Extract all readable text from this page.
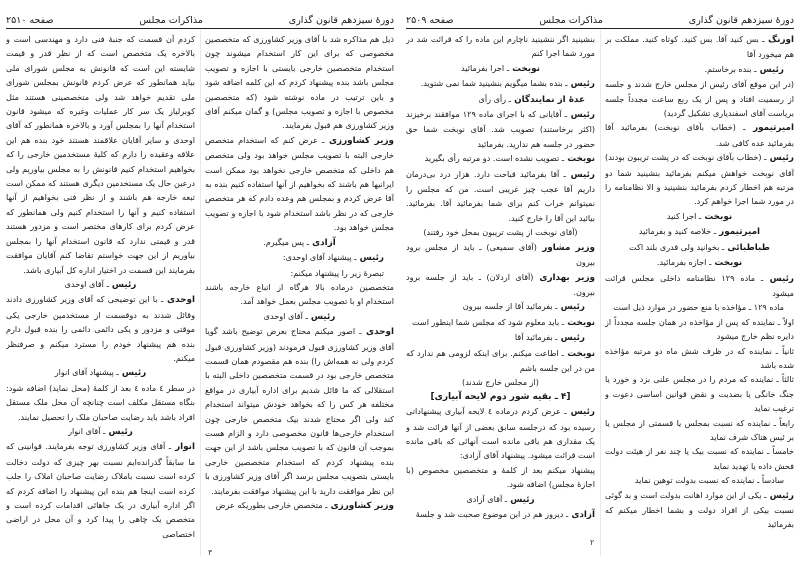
دورهٔ سیزدهم قانون گذاری
مذاکرات مجلس
صفحه ۲۵۱۰

ذیل هم مذاکره شد با آقای وزیر کشاورزی که متخصصین مخصوصی که برای این کار استخدام میشوند چون استخدام متخصصین خارجی بایستی با اجازه و تصویب مجلس باشد بنده پیشنهاد کردم که این کلمه اضافه شود و باین ترتیب در ماده نوشته شود (که متخصصین مخصوص با اجازه و تصویب مجلس) و گمان میکنم آقای وزیر کشاورزی هم قبول بفرمایند.

وزیر کشاورزی ـ عرض کنم که استخدام متخصص خارجی البته با تصویب مجلس خواهد بود ولی متخصص هم داخلی که متخصص خارجی نخواهد بود ممکن است ایرانیها هم باشند که بخواهیم از آنها استفاده کنیم بنده به آقا عرض کردم و بمجلس هم وعده دادم که هر متخصص خارجی که در نظر باشد استخدام شود با اجازه و تصویب مجلس خواهد بود.

آزادی ـ پس میگیرم.

رئیس ـ پیشنهاد آقای اوحدی:

تبصرهٔ زیر را پیشنهاد میکنم:

متخصصین درماده بالا هرگاه از اتباع خارجه باشند استخدام او با تصویب مجلس بعمل خواهد آمد.

رئیس ـ آقای اوحدی

اوحدی ـ اصور میکنم محتاج بعرض توضیح باشد گویا آقای وزیر کشاورزی قبول فرمودند (وزیر کشاورزی قبول کردم ولی نه همه‌اش را) بنده هم مقصودم همان قسمت متخصص خارجی بود در قسمت متخصصین داخلی البته با استقلالی که ما قائل شدیم برای اداره آبیاری در مواقع مختلفه هر کس را که بخواهد خودش میتواند استخدام کند ولی اگر محتاج شدند بیک متخصص خارجی چون استخدام خارجی‌ها قانون مخصوصی دارد و الزام هست بموجب آن قانون که با تصویب مجلس باشد از این جهت بنده پیشنهاد کردم که استخدام متخصصین خارجی بایستی بتصویب مجلس برسد اگر آقای وزیر کشاورزی با این نظر موافقت دارید با این پیشنهاد موافقت بفرمایند.

وزیر کشاورزی ـ متخصص خارجی بطوریکه عرض

کردم آن قسمت که جنبهٔ فنی دارد و مهندسی است و بالاخره یک متخصص است که از نظر قدر و قیمت شایسته این است که قانونش به مجلس شورای ملی بیاید همانطور که عرض کردم قانونش بمجلس شورای ملی تقدیم خواهد شد ولی متخصصینی هستند مثل کوبرلیاز یک سر کار عملیات وغیره که میشود قانون استخدام آنها را بمجلس آورد و بالاخره همانطور که آقای اوحدی و سایر آقایان علاقمند هستند خود بنده هم این علاقه وعقیده را دارم که کلیهٔ مستخدمین خارجی را که بخواهیم استخدام کنیم قانونش را به مجلس بیاوریم ولی درعین حال یک مستخدمین دیگری هستند که ممکن است تبعه خارجه هم باشند و از نظر فنی بخواهیم از آنها استفاده کنیم و آنها را استخدام کنیم ولی همانطور که عرض کردم برای کارهای مختصر است و مزدور هستند قدر و قیمتی ندارد که قانون استخدام آنها را بمجلس بیاوریم از این جهت خواستم تقاضا کنم آقایان موافقت بفرمایند این قسمت در اختیار اداره کل آبیاری باشد.

رئیس ـ آقای اوحدی

اوحدی ـ با این توضیحی که آقای وزیر کشاورزی دادند وقائل شدند به دوقسمت از مستخدمین خارجی یکی موقتی و مزدور و یکی دائمی دائمی را بنده قبول دارم بنده هم پیشنهاد خودم را مسترد میکنم و صرفنظر میکنم.

رئیس ـ پیشنهاد آقای انوار

در سطر ٤ ماده ٤ بعد از کلمهٔ (محل نماید) اضافه شود: بنگاه مستقل مکلف است چنانچه آن محل ملک مستقل افراد باشد باید رضایت صاحبان ملک را تحصیل نمایند.

رئیس ـ آقای انوار

انوار ـ آقای وزیر کشاورزی توجه بفرمایند. قوانینی که ما سابقاً گذرانده‌ایم نسبت بهر چیزی که دولت دخالت کرده است نسبت باملاک رضایت صاحبان املاک را جلب کرده است اینجا هم بنده این پیشنهاد را اضافه کردم که اگر اداره آبیاری در یک جاهائی اقدامات کرده است و متخصص یک چاهی را پیدا کرد و آن محل در اراضی اختصاصی

۳
دورهٔ سیزدهم قانون گذاری
مذاکرات مجلس
صفحه ۲۵۰۹

اورنگ ـ بس کنید آقا. بس کنید. کوتاه کنید. مملکت بر هم میخورد آقا

رئیس ـ بنده برخاستم.

(در این موقع آقای رئیس از مجلس خارج شدند و جلسه از رسمیت افتاد و پس از یک ربع ساعت مجدداً جلسه بریاست آقای اسفندیاری تشکیل گردید)

امیرتیمور ـ (خطاب بآقای نوبخت) بفرمائید آقا بفرمائید عده کافی شد.

رئیس ـ (خطاب بآقای نوبخت که در پشت تریبون بودند) آقای نوبخت خواهش میکنم بفرمائید بنشینید شما دو مرتبه هم اخطار کردم بفرمائید بنشینید و الا نظامنامه را در مورد شما اجرا خواهم کرد.

نوبخت ـ اجرا کنید

امیرتیمور ـ خلاصه کنید و بفرمائید

طباطبائی ـ بخوانید ولی قدری بلند اکت

نوبخت ـ اجازه بفرمائید.

رئیس ـ ماده ۱۲۹ نظامنامه داخلی مجلس قرائت میشود

ماده ۱۲۹ ـ مؤاخذه با منع حضور در موارد ذیل است

اولاً ـ نماینده که پس از مؤاخذه در همان جلسه مجدداً از دایره نظم خارج میشود

ثانیاً ـ نماینده که در ظرف شش ماه دو مرتبه مؤاخذه شده باشد

ثالثاً ـ نماینده که مردم را در مجلس علنی بزد و خورد یا جنگ خانگی یا بضدیت و نقض قوانین اساسی دعوت و ترغیب نماید

رابعاً ـ نماینده که نسبت بمجلس یا قسمتی از مجلس یا بر ئیس هتاک شرف نماید

خامساً ـ نماینده که نسبت بیک یا چند نفر از هیئت دولت فحش داده یا تهدید نماید

سادساً ـ نماینده که نسبت بدولت توهین نماید

رئیس ـ یکی از این موارد اهانت بدولت است و بد گوئی نسبت بیکی از افراد دولت و بشما اخطار میکنم که بفرمائید

بنشینید اگر ننشینید ناچارم این ماده را که قرائت شد در مورد شما اجرا کنم

نوبخت ـ اجرا بفرمائید

رئیس ـ بنده بشما میگویم بنشینید شما نمی شنوید.

عدهٔ از نمایندگان ـ رأی رأی

رئیس ـ آقایانی که با اجرای ماده ۱۲۹ موافقند برخیزند (اکثر برخاستند) تصویب شد. آقای نوبخت شما حق حضور در جلسه هم ندارید. بفرمائید

نوبخت ـ تصویب نشده است. دو مرتبه رأی بگیرید

رئیس ـ آقا بفرمائید قباحت دارد. هزار درد بی‌درمان داریم آقا عجب چیز غریبی است. من که مجلس را نمیتوانم خراب کنم برای شما بفرمائید آقا. بفرمائید. بیائید این آقا را خارج کنید.

(آقای نوبخت از پشت تریبون بمحل خود رفتند)

وزیر مشاور (آقای سمیعی) ـ باید از مجلس برود بیرون

وزیر بهداری (آقای اردلان) ـ باید از جلسه برود بیرون.

رئیس ـ بفرمائید آقا از جلسه بیرون

نوبخت ـ باید معلوم شود که مجلس شما اینطور است

رئیس ـ بفرمائید آقا

نوبخت ـ اطاعت میکنم. برای اینکه لزومی هم ندارد که من در این جلسه باشم

(از مجلس خارج شدند)

[۴ ـ بقیه شور دوم لایحه آبیاری]

رئیس ـ عرض کردم درماده ٤ لایحه آبیاری پیشنهاداتی رسیده بود که درجلسه سابق بعضی از آنها قرائت شد و یک مقداری هم باقی مانده است آنهائی که باقی مانده است قرائت میشود. پیشنهاد آقای آزادی:

پیشنهاد میکنم بعد از کلمهٔ و متخصصین مخصوص (با اجازهٔ مجلس) اضافه شود.

رئیس ـ آقای آزادی

آزادی ـ دیروز هم در این موضوع صحبت شد و جلسهٔ

۲
